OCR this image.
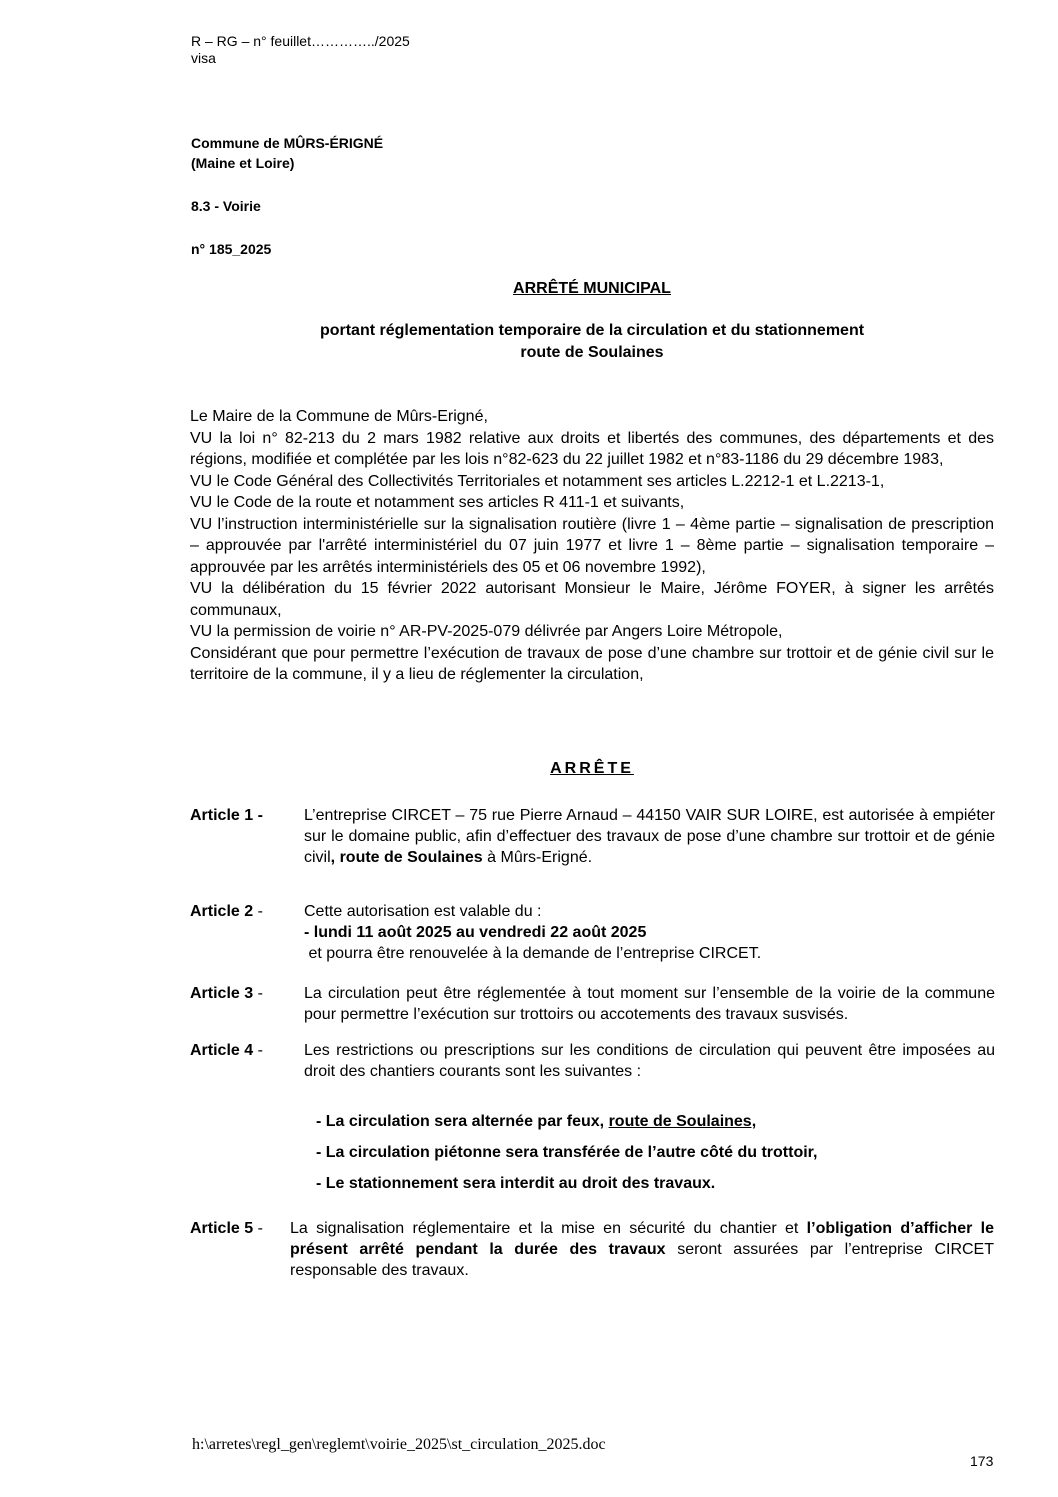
R – RG – n° feuillet…………../2025
visa
Commune de MÛRS-ÉRIGNÉ
(Maine et Loire)
8.3 - Voirie
n° 185_2025
ARRÊTÉ MUNICIPAL
portant réglementation temporaire de la circulation et du stationnement
route de Soulaines

Le Maire de la Commune de Mûrs-Erigné,

VU la loi n° 82-213 du 2 mars 1982 relative aux droits et libertés des communes, des départements et des régions, modifiée et complétée par les lois n°82-623 du 22 juillet 1982 et n°83-1186 du 29 décembre 1983,

VU le Code Général des Collectivités Territoriales et notamment ses articles L.2212-1 et L.2213-1,

VU le Code de la route et notamment ses articles R 411-1 et suivants,

VU l’instruction interministérielle sur la signalisation routière (livre 1 – 4ème partie – signalisation de prescription – approuvée par l'arrêté interministériel du 07 juin 1977 et livre 1 – 8ème partie – signalisation temporaire – approuvée par les arrêtés interministériels des 05 et 06 novembre 1992),

VU la délibération du 15 février 2022 autorisant Monsieur le Maire, Jérôme FOYER, à signer les arrêtés communaux,

VU la permission de voirie n° AR-PV-2025-079 délivrée par Angers Loire Métropole,

Considérant que pour permettre l’exécution de travaux de pose d’une chambre sur trottoir et de génie civil sur le territoire de la commune, il y a lieu de réglementer la circulation,

ARRÊTE
Article 1 -	L’entreprise CIRCET – 75 rue Pierre Arnaud – 44150 VAIR SUR LOIRE, est autorisée à empiéter sur le domaine public, afin d’effectuer des travaux de pose d’une chambre sur trottoir et de génie civil, route de Soulaines à Mûrs-Erigné.

Article 2 -	Cette autorisation est valable du :

- lundi 11 août 2025 au vendredi 22 août 2025

et pourra être renouvelée à la demande de l’entreprise CIRCET.

Article 3 -	La circulation peut être réglementée à tout moment sur l’ensemble de la voirie de la commune pour permettre l’exécution sur trottoirs ou accotements des travaux susvisés.
Article 4 -	Les restrictions ou prescriptions sur les conditions de circulation qui peuvent être imposées au droit des chantiers courants sont les suivantes :
- La circulation sera alternée par feux, route de Soulaines,
- La circulation piétonne sera transférée de l’autre côté du trottoir,
- Le stationnement sera interdit au droit des travaux.
Article 5 - La signalisation réglementaire et la mise en sécurité du chantier et l’obligation d’afficher le présent arrêté pendant la durée des travaux seront assurées par l’entreprise CIRCET responsable des travaux.

h:\arretes\regl_gen\reglemt\voirie_2025\st_circulation_2025.doc
173
